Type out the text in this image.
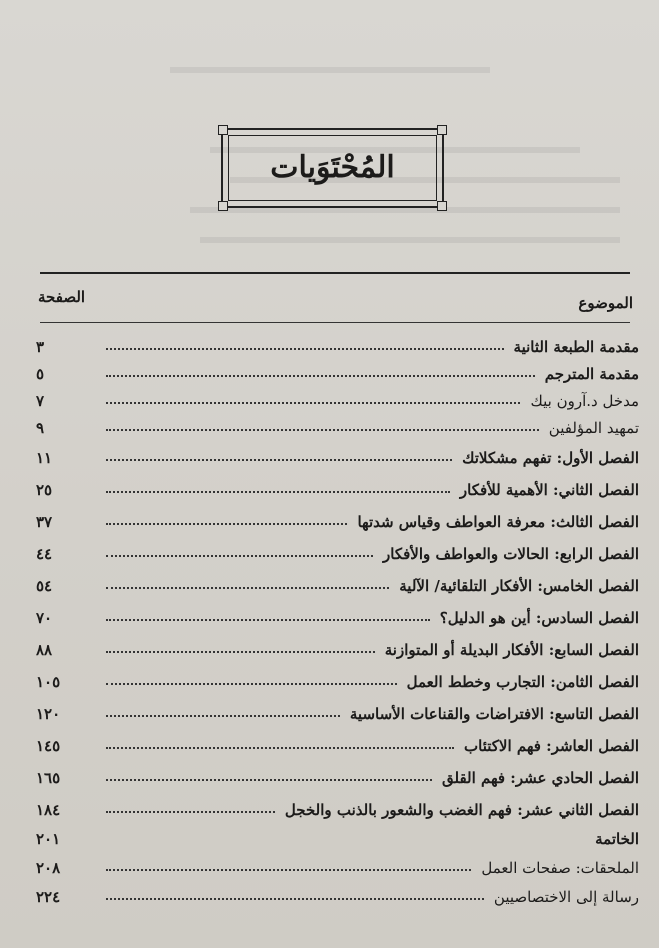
المُحْتَوَيات
الصفحة	الموضوع
٣	مقدمة الطبعة الثانية
٥	مقدمة المترجم
٧	مدخل د.آرون بيك
٩	تمهيد المؤلفين
١١	الفصل الأول: تفهم مشكلاتك
٢٥	الفصل الثاني: الأهمية للأفكار
٣٧	الفصل الثالث: معرفة العواطف وقياس شدتها
٤٤	الفصل الرابع: الحالات والعواطف والأفكار
٥٤	الفصل الخامس: الأفكار التلقائية/ الآلية
٧٠	الفصل السادس: أين هو الدليل؟
٨٨	الفصل السابع: الأفكار البديلة أو المتوازنة
١٠٥	الفصل الثامن: التجارب وخطط العمل
١٢٠	الفصل التاسع: الافتراضات والقناعات الأساسية
١٤٥	الفصل العاشر: فهم الاكتئاب
١٦٥	الفصل الحادي عشر: فهم القلق
١٨٤	الفصل الثاني عشر: فهم الغضب والشعور بالذنب والخجل
٢٠١	الخاتمة
٢٠٨	الملحقات: صفحات العمل
٢٢٤	رسالة إلى الاختصاصيين
